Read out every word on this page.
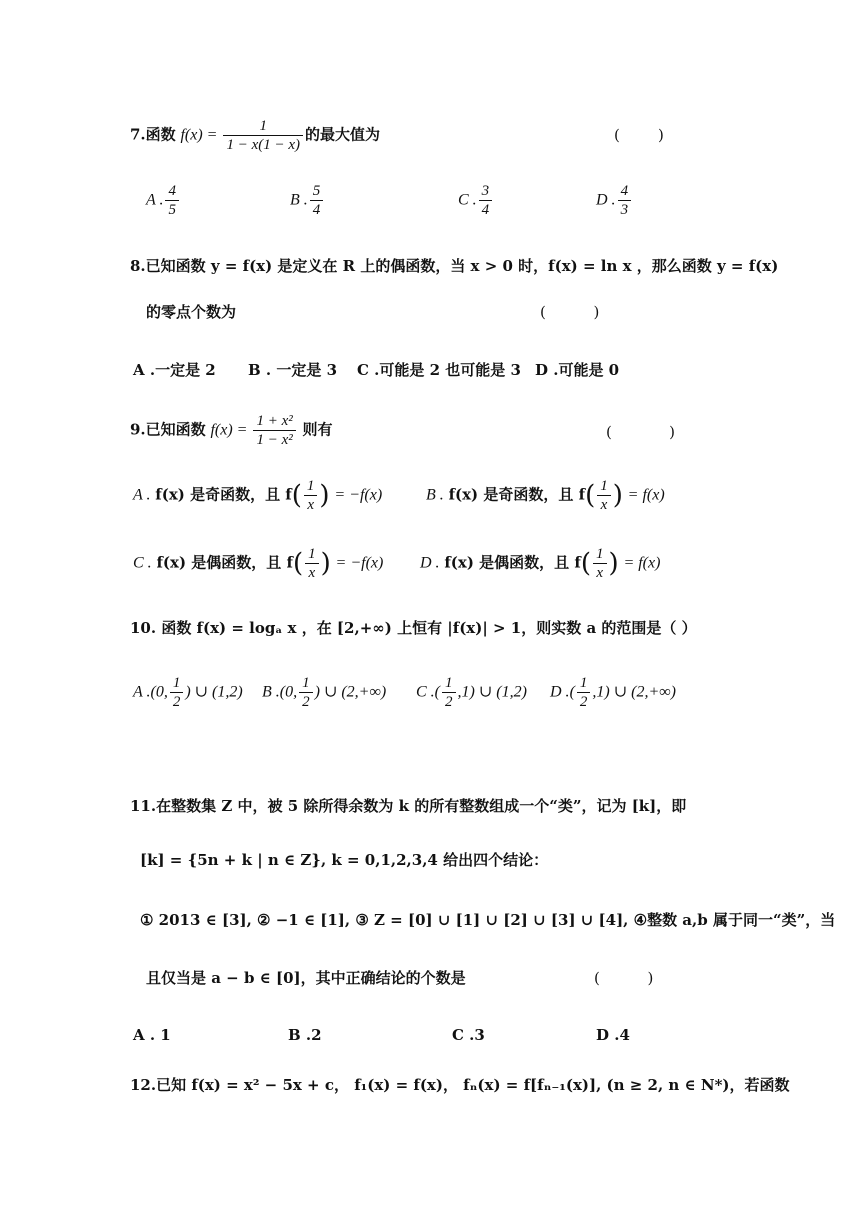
7.函数 $f(x) = \frac{1}{1 - x(1 - x)}$ 的最大值为	(        )
A . $\frac{4}{5}$	B . $\frac{5}{4}$	C . $\frac{3}{4}$	D . $\frac{4}{3}$
8.已知函数 y = f(x) 是定义在 R 上的偶函数，当 x > 0 时，f(x) = ln x ，那么函数 y = f(x)
的零点个数为	(          )
A .一定是 2 B . 一定是 3 C .可能是 2 也可能是 3 D .可能是 0
9.已知函数 $f(x) = \frac{\text{1 + x²}}{\text{1 − x²}}$ 则有	(            )
A . f(x) 是奇函数，且 $f( \frac{1}{x}$ ) = −f(x)	B . f(x) 是奇函数，且 $f( \frac{1}{x}$ ) = f(x)
C . f(x) 是偶函数，且 $f( \frac{1}{x}$ ) = −f(x) D . f(x) 是偶函数，且 $f( \frac{1}{x}$ ) = f(x)
10. 函数 f(x) = logₐ x ，在 [2,+∞) 上恒有 |f(x)| > 1，则实数 a 的范围是（ ）
A .(0, $\frac{1}{2}$ ) ∪ (1,2) B .(0, $\frac{1}{2}$ ) ∪ (2,+∞) C .( $\frac{1}{2} ,1$) ∪ (1,2) D .( $\frac{1}{2} ,1$) ∪ (2,+∞)
11.在整数集 Z 中，被 5 除所得余数为 k 的所有整数组成一个“类”，记为 [k]，即
[k] = {5n + k | n ∈ Z}, k = 0,1,2,3,4 给出四个结论：
① 2013 ∈ [3], ② −1 ∈ [1], ③ Z = [0] ∪ [1] ∪ [2] ∪ [3] ∪ [4], ④整数 a,b 属于同一“类”，当
且仅当是 a − b ∈ [0]，其中正确结论的个数是	(          )
A . 1	B .2	C .3	D .4
12.已知 f(x) = x² − 5x + c， f₁(x) = f(x)， fₙ(x) = f[fₙ₋₁(x)], (n ≥ 2, n ∈ N*)，若函数
